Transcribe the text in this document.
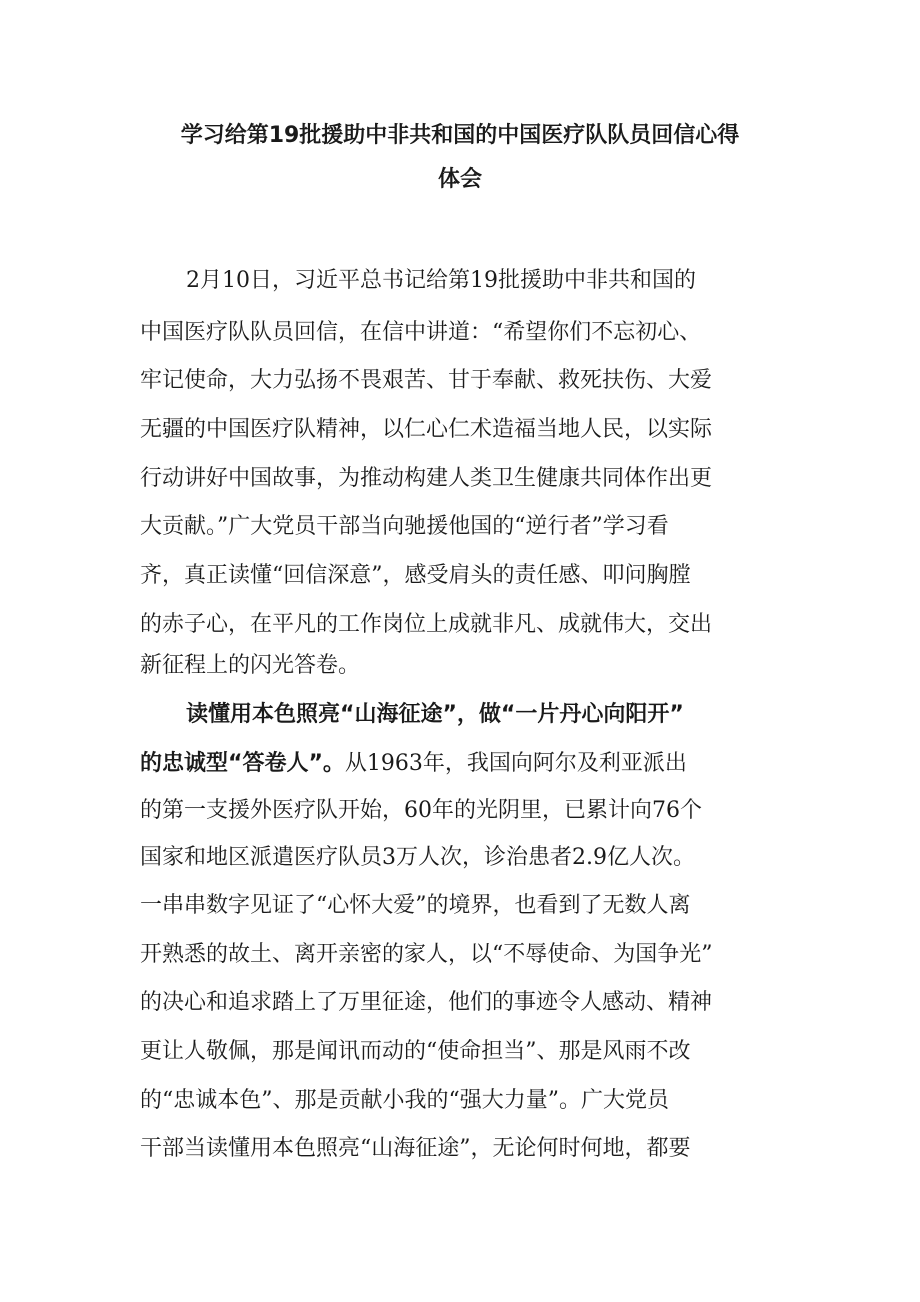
学习给第19批援助中非共和国的中国医疗队队员回信心得
体会
2月10日，习近平总书记给第19批援助中非共和国的
中国医疗队队员回信，在信中讲道：“希望你们不忘初心、
牢记使命，大力弘扬不畏艰苦、甘于奉献、救死扶伤、大爱
无疆的中国医疗队精神，以仁心仁术造福当地人民，以实际
行动讲好中国故事，为推动构建人类卫生健康共同体作出更
大贡献。”广大党员干部当向驰援他国的“逆行者”学习看
齐，真正读懂“回信深意”，感受肩头的责任感、叩问胸膛
的赤子心，在平凡的工作岗位上成就非凡、成就伟大，交出
新征程上的闪光答卷。
读懂用本色照亮“山海征途”，做“一片丹心向阳开”
的忠诚型“答卷人”。从1963年，我国向阿尔及利亚派出
的第一支援外医疗队开始，60年的光阴里，已累计向76个
国家和地区派遣医疗队员3万人次，诊治患者2.9亿人次。
一串串数字见证了“心怀大爱”的境界，也看到了无数人离
开熟悉的故土、离开亲密的家人，以“不辱使命、为国争光”
的决心和追求踏上了万里征途，他们的事迹令人感动、精神
更让人敬佩，那是闻讯而动的“使命担当”、那是风雨不改
的“忠诚本色”、那是贡献小我的“强大力量”。广大党员
干部当读懂用本色照亮“山海征途”，无论何时何地，都要
